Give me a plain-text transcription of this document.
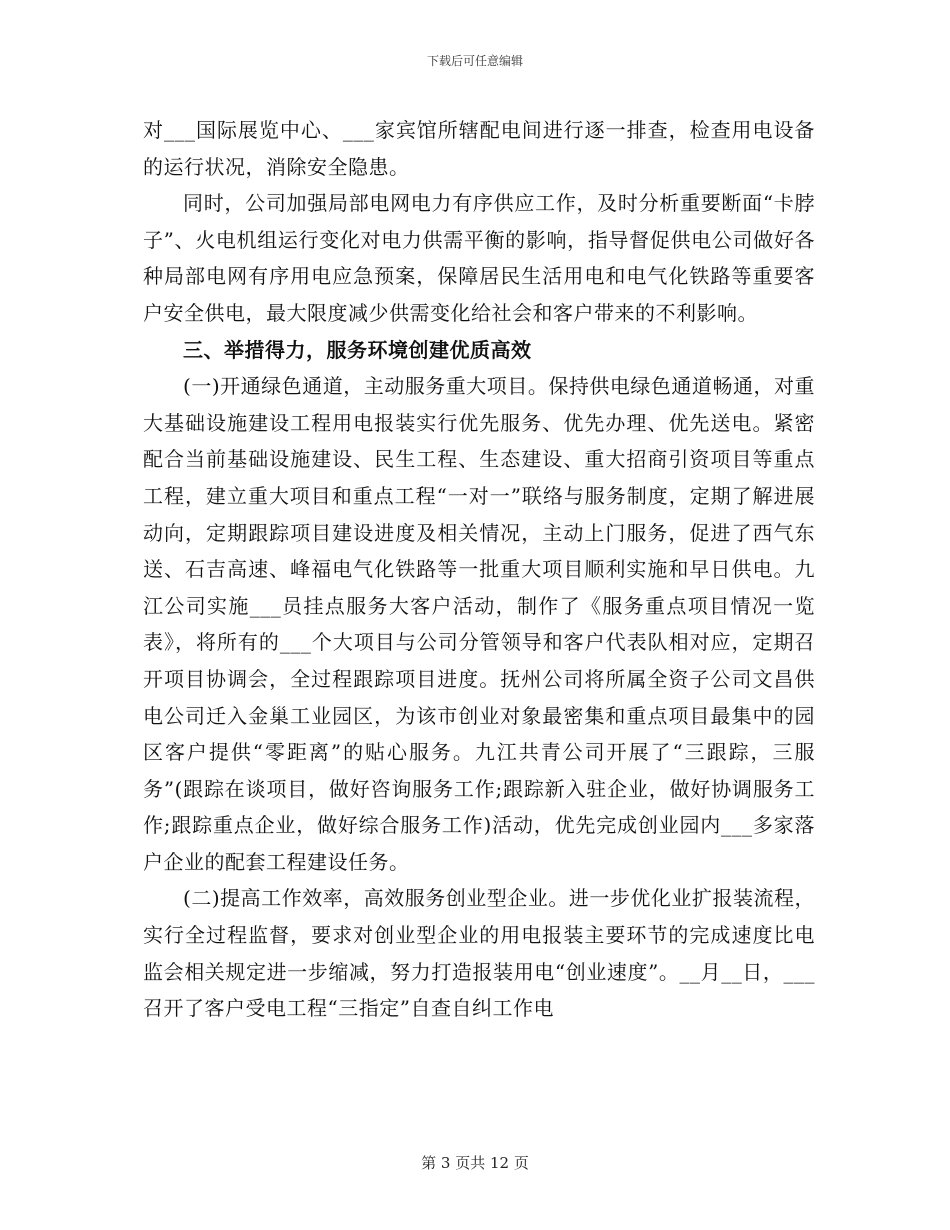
下载后可任意编辑

对___国际展览中心、___家宾馆所辖配电间进行逐一排查，检查用电设备的运行状况，消除安全隐患。

同时，公司加强局部电网电力有序供应工作，及时分析重要断面“卡脖子”、火电机组运行变化对电力供需平衡的影响，指导督促供电公司做好各种局部电网有序用电应急预案，保障居民生活用电和电气化铁路等重要客户安全供电，最大限度减少供需变化给社会和客户带来的不利影响。

三、举措得力，服务环境创建优质高效

(一)开通绿色通道，主动服务重大项目。保持供电绿色通道畅通，对重大基础设施建设工程用电报装实行优先服务、优先办理、优先送电。紧密配合当前基础设施建设、民生工程、生态建设、重大招商引资项目等重点工程，建立重大项目和重点工程“一对一”联络与服务制度，定期了解进展动向，定期跟踪项目建设进度及相关情况，主动上门服务，促进了西气东送、石吉高速、峰福电气化铁路等一批重大项目顺利实施和早日供电。九江公司实施___员挂点服务大客户活动，制作了《服务重点项目情况一览表》，将所有的___个大项目与公司分管领导和客户代表队相对应，定期召开项目协调会，全过程跟踪项目进度。抚州公司将所属全资子公司文昌供电公司迁入金巢工业园区，为该市创业对象最密集和重点项目最集中的园区客户提供“零距离”的贴心服务。九江共青公司开展了“三跟踪，三服务”(跟踪在谈项目，做好咨询服务工作;跟踪新入驻企业，做好协调服务工作;跟踪重点企业，做好综合服务工作)活动，优先完成创业园内___多家落户企业的配套工程建设任务。

(二)提高工作效率，高效服务创业型企业。进一步优化业扩报装流程，实行全过程监督，要求对创业型企业的用电报装主要环节的完成速度比电监会相关规定进一步缩减，努力打造报装用电“创业速度”。__月__日，___召开了客户受电工程“三指定”自查自纠工作电

第 3 页共 12 页
